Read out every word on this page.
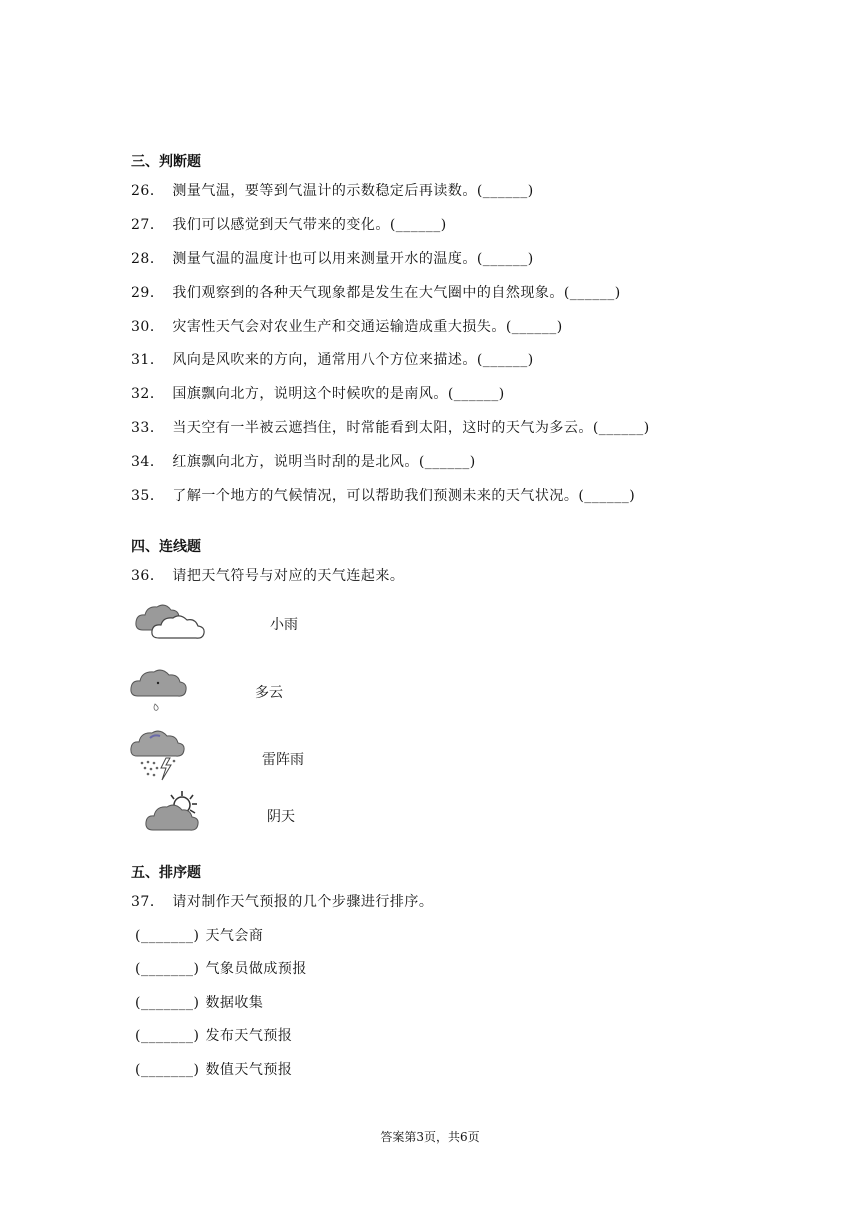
三、判断题
26． 测量气温，要等到气温计的示数稳定后再读数。(______)
27． 我们可以感觉到天气带来的变化。(______)
28． 测量气温的温度计也可以用来测量开水的温度。(______)
29． 我们观察到的各种天气现象都是发生在大气圈中的自然现象。(______)
30． 灾害性天气会对农业生产和交通运输造成重大损失。(______)
31． 风向是风吹来的方向，通常用八个方位来描述。(______)
32． 国旗飘向北方，说明这个时候吹的是南风。(______)
33． 当天空有一半被云遮挡住，时常能看到太阳，这时的天气为多云。(______)
34． 红旗飘向北方，说明当时刮的是北风。(______)
35． 了解一个地方的气候情况，可以帮助我们预测未来的天气状况。(______)
四、连线题
36． 请把天气符号与对应的天气连起来。
小雨
多云
雷阵雨
阴天
五、排序题
37． 请对制作天气预报的几个步骤进行排序。
(_______) 天气会商
(_______) 气象员做成预报
(_______) 数据收集
(_______) 发布天气预报
(_______) 数值天气预报
答案第3页，共6页
